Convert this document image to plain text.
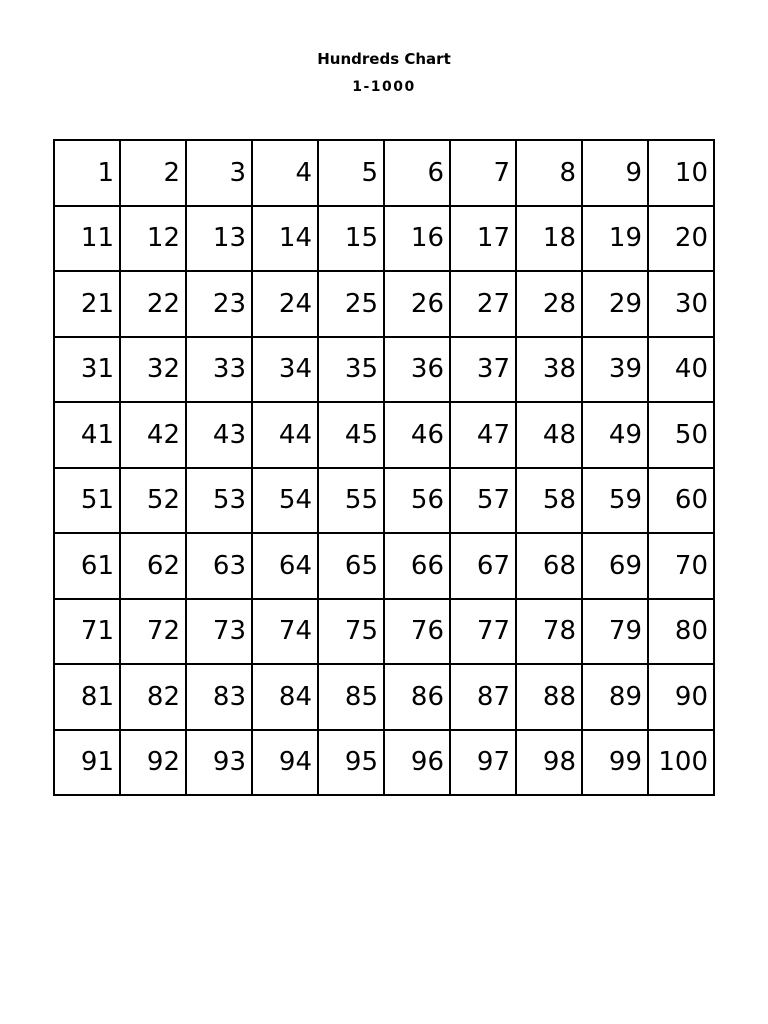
Hundreds Chart
1-1000
1	2	3	4	5	6	7	8	9	10
11	12	13	14	15	16	17	18	19	20
21	22	23	24	25	26	27	28	29	30
31	32	33	34	35	36	37	38	39	40
41	42	43	44	45	46	47	48	49	50
51	52	53	54	55	56	57	58	59	60
61	62	63	64	65	66	67	68	69	70
71	72	73	74	75	76	77	78	79	80
81	82	83	84	85	86	87	88	89	90
91	92	93	94	95	96	97	98	99	100
